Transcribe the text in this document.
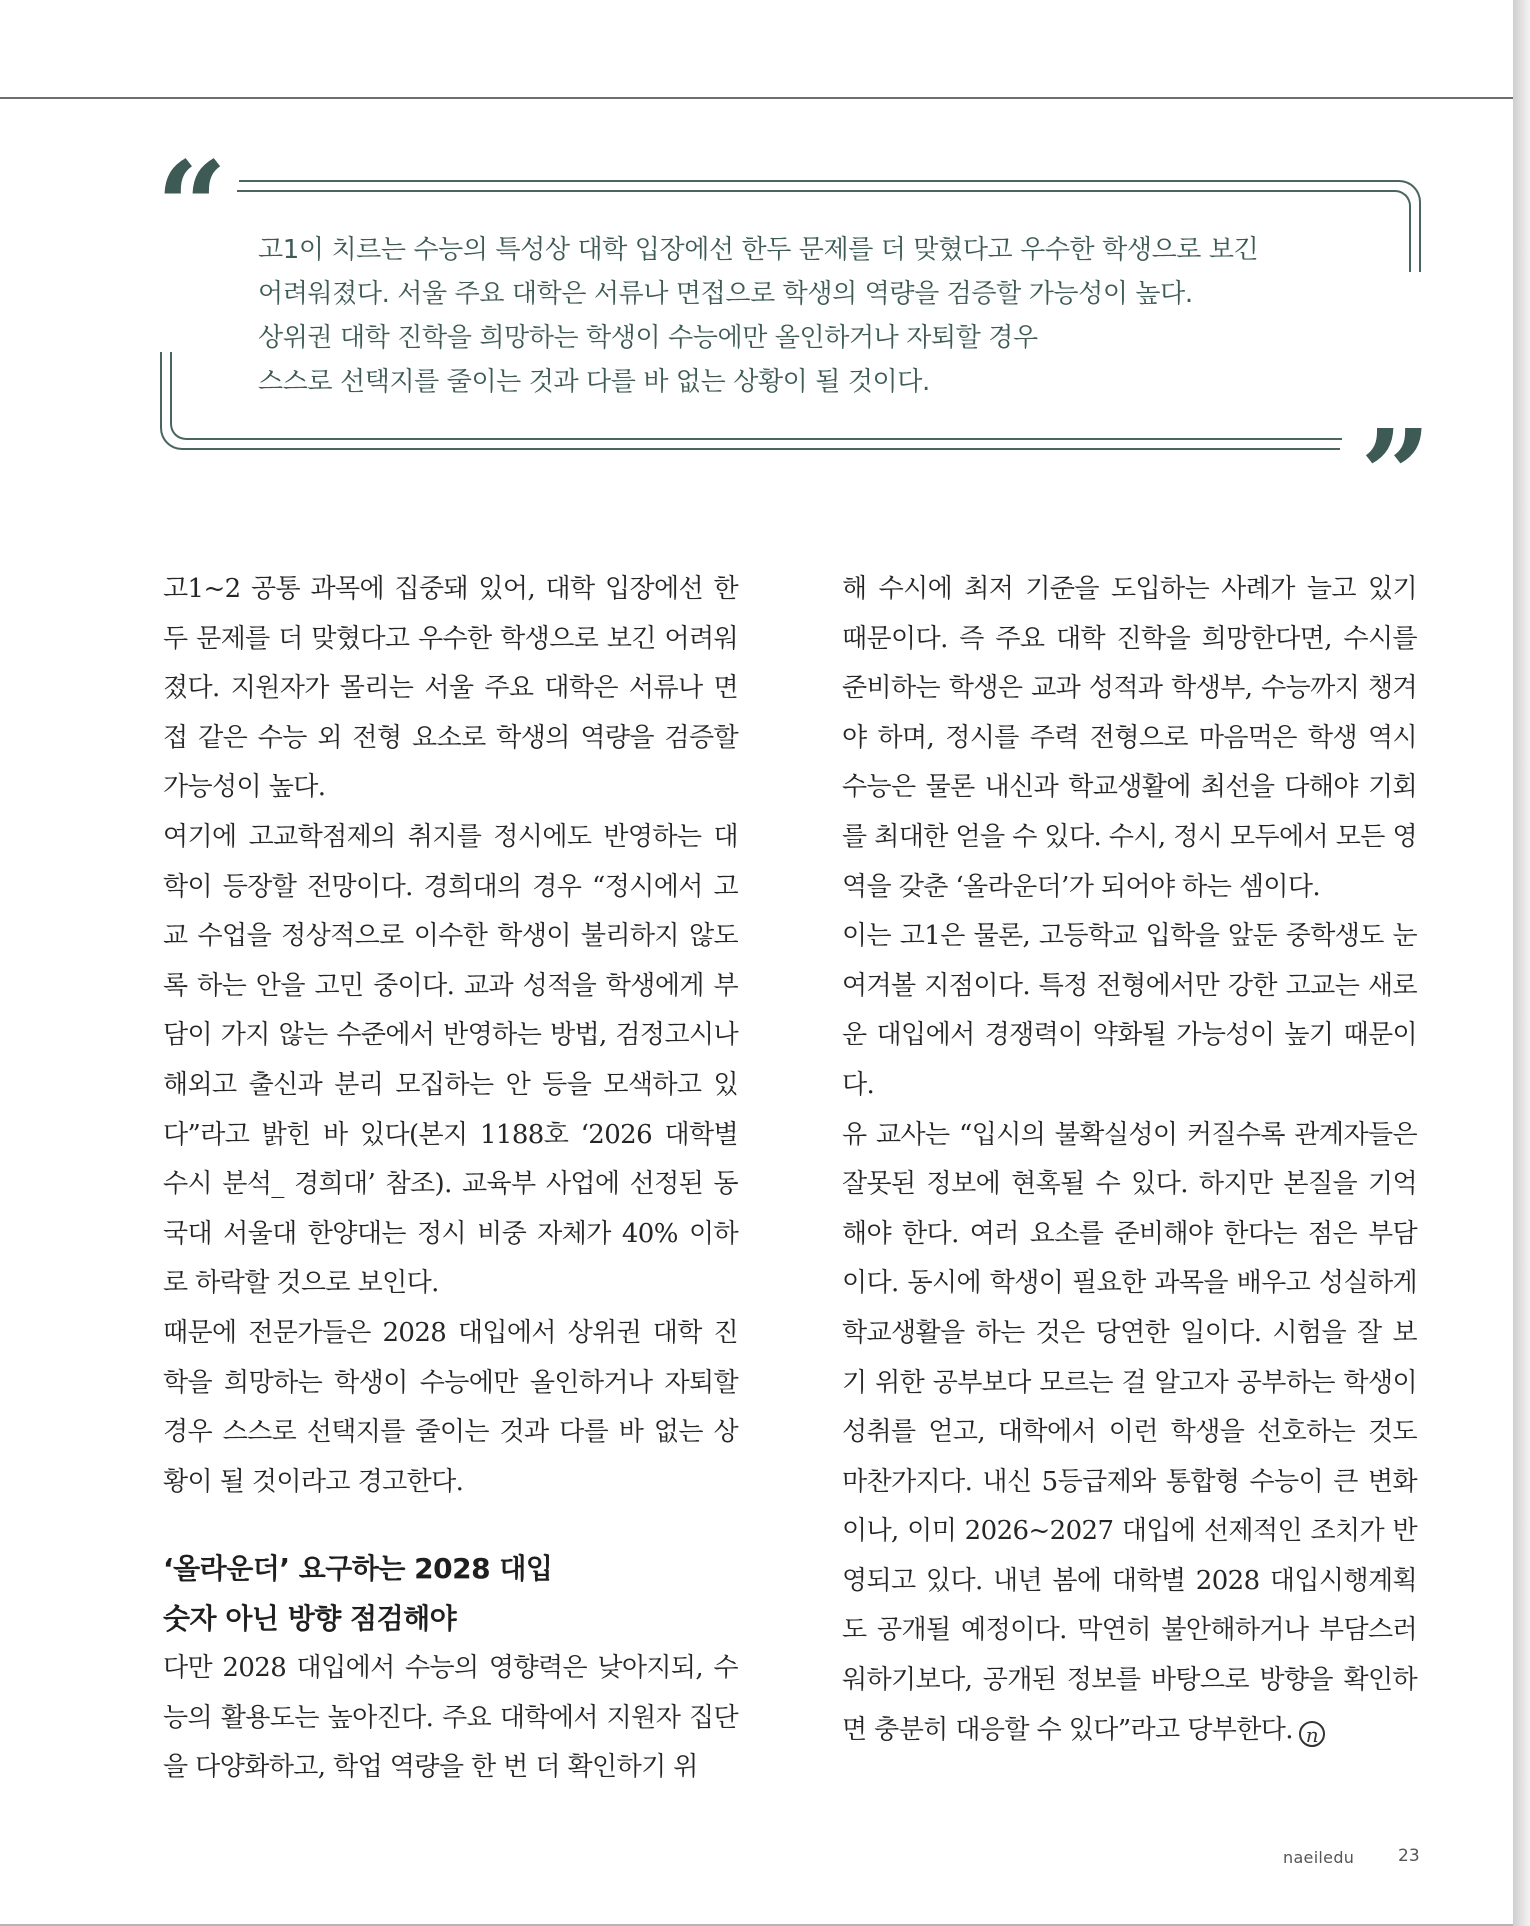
“
”
고1이 치르는 수능의 특성상 대학 입장에선 한두 문제를 더 맞혔다고 우수한 학생으로 보긴
어려워졌다. 서울 주요 대학은 서류나 면접으로 학생의 역량을 검증할 가능성이 높다.
상위권 대학 진학을 희망하는 학생이 수능에만 올인하거나 자퇴할 경우
스스로 선택지를 줄이는 것과 다를 바 없는 상황이 될 것이다.

고1~2 공통 과목에 집중돼 있어, 대학 입장에선 한 두 문제를 더 맞혔다고 우수한 학생으로 보긴 어려워졌다. 지원자가 몰리는 서울 주요 대학은 서류나 면접 같은 수능 외 전형 요소로 학생의 역량을 검증할 가능성이 높다.

여기에 고교학점제의 취지를 정시에도 반영하는 대학이 등장할 전망이다. 경희대의 경우 “정시에서 고교 수업을 정상적으로 이수한 학생이 불리하지 않도록 하는 안을 고민 중이다. 교과 성적을 학생에게 부담이 가지 않는 수준에서 반영하는 방법, 검정고시나 해외고 출신과 분리 모집하는 안 등을 모색하고 있다”라고 밝힌 바 있다(본지 1188호 ‘2026 대학별 수시 분석_ 경희대’ 참조). 교육부 사업에 선정된 동국대 서울대 한양대는 정시 비중 자체가 40% 이하로 하락할 것으로 보인다.

때문에 전문가들은 2028 대입에서 상위권 대학 진학을 희망하는 학생이 수능에만 올인하거나 자퇴할 경우 스스로 선택지를 줄이는 것과 다를 바 없는 상황이 될 것이라고 경고한다.

‘올라운더’ 요구하는 2028 대입
숫자 아닌 방향 점검해야

다만 2028 대입에서 수능의 영향력은 낮아지되, 수능의 활용도는 높아진다. 주요 대학에서 지원자 집단을 다양화하고, 학업 역량을 한 번 더 확인하기 위

해 수시에 최저 기준을 도입하는 사례가 늘고 있기 때문이다. 즉 주요 대학 진학을 희망한다면, 수시를 준비하는 학생은 교과 성적과 학생부, 수능까지 챙겨야 하며, 정시를 주력 전형으로 마음먹은 학생 역시 수능은 물론 내신과 학교생활에 최선을 다해야 기회를 최대한 얻을 수 있다. 수시, 정시 모두에서 모든 영역을 갖춘 ‘올라운더’가 되어야 하는 셈이다.

이는 고1은 물론, 고등학교 입학을 앞둔 중학생도 눈여겨볼 지점이다. 특정 전형에서만 강한 고교는 새로운 대입에서 경쟁력이 약화될 가능성이 높기 때문이다.

유 교사는 “입시의 불확실성이 커질수록 관계자들은 잘못된 정보에 현혹될 수 있다. 하지만 본질을 기억해야 한다. 여러 요소를 준비해야 한다는 점은 부담이다. 동시에 학생이 필요한 과목을 배우고 성실하게 학교생활을 하는 것은 당연한 일이다. 시험을 잘 보기 위한 공부보다 모르는 걸 알고자 공부하는 학생이 성취를 얻고, 대학에서 이런 학생을 선호하는 것도 마찬가지다. 내신 5등급제와 통합형 수능이 큰 변화이나, 이미 2026~2027 대입에 선제적인 조치가 반영되고 있다. 내년 봄에 대학별 2028 대입시행계획도 공개될 예정이다. 막연히 불안해하거나 부담스러워하기보다, 공개된 정보를 바탕으로 방향을 확인하면 충분히 대응할 수 있다”라고 당부한다. n

naeiledu	23
